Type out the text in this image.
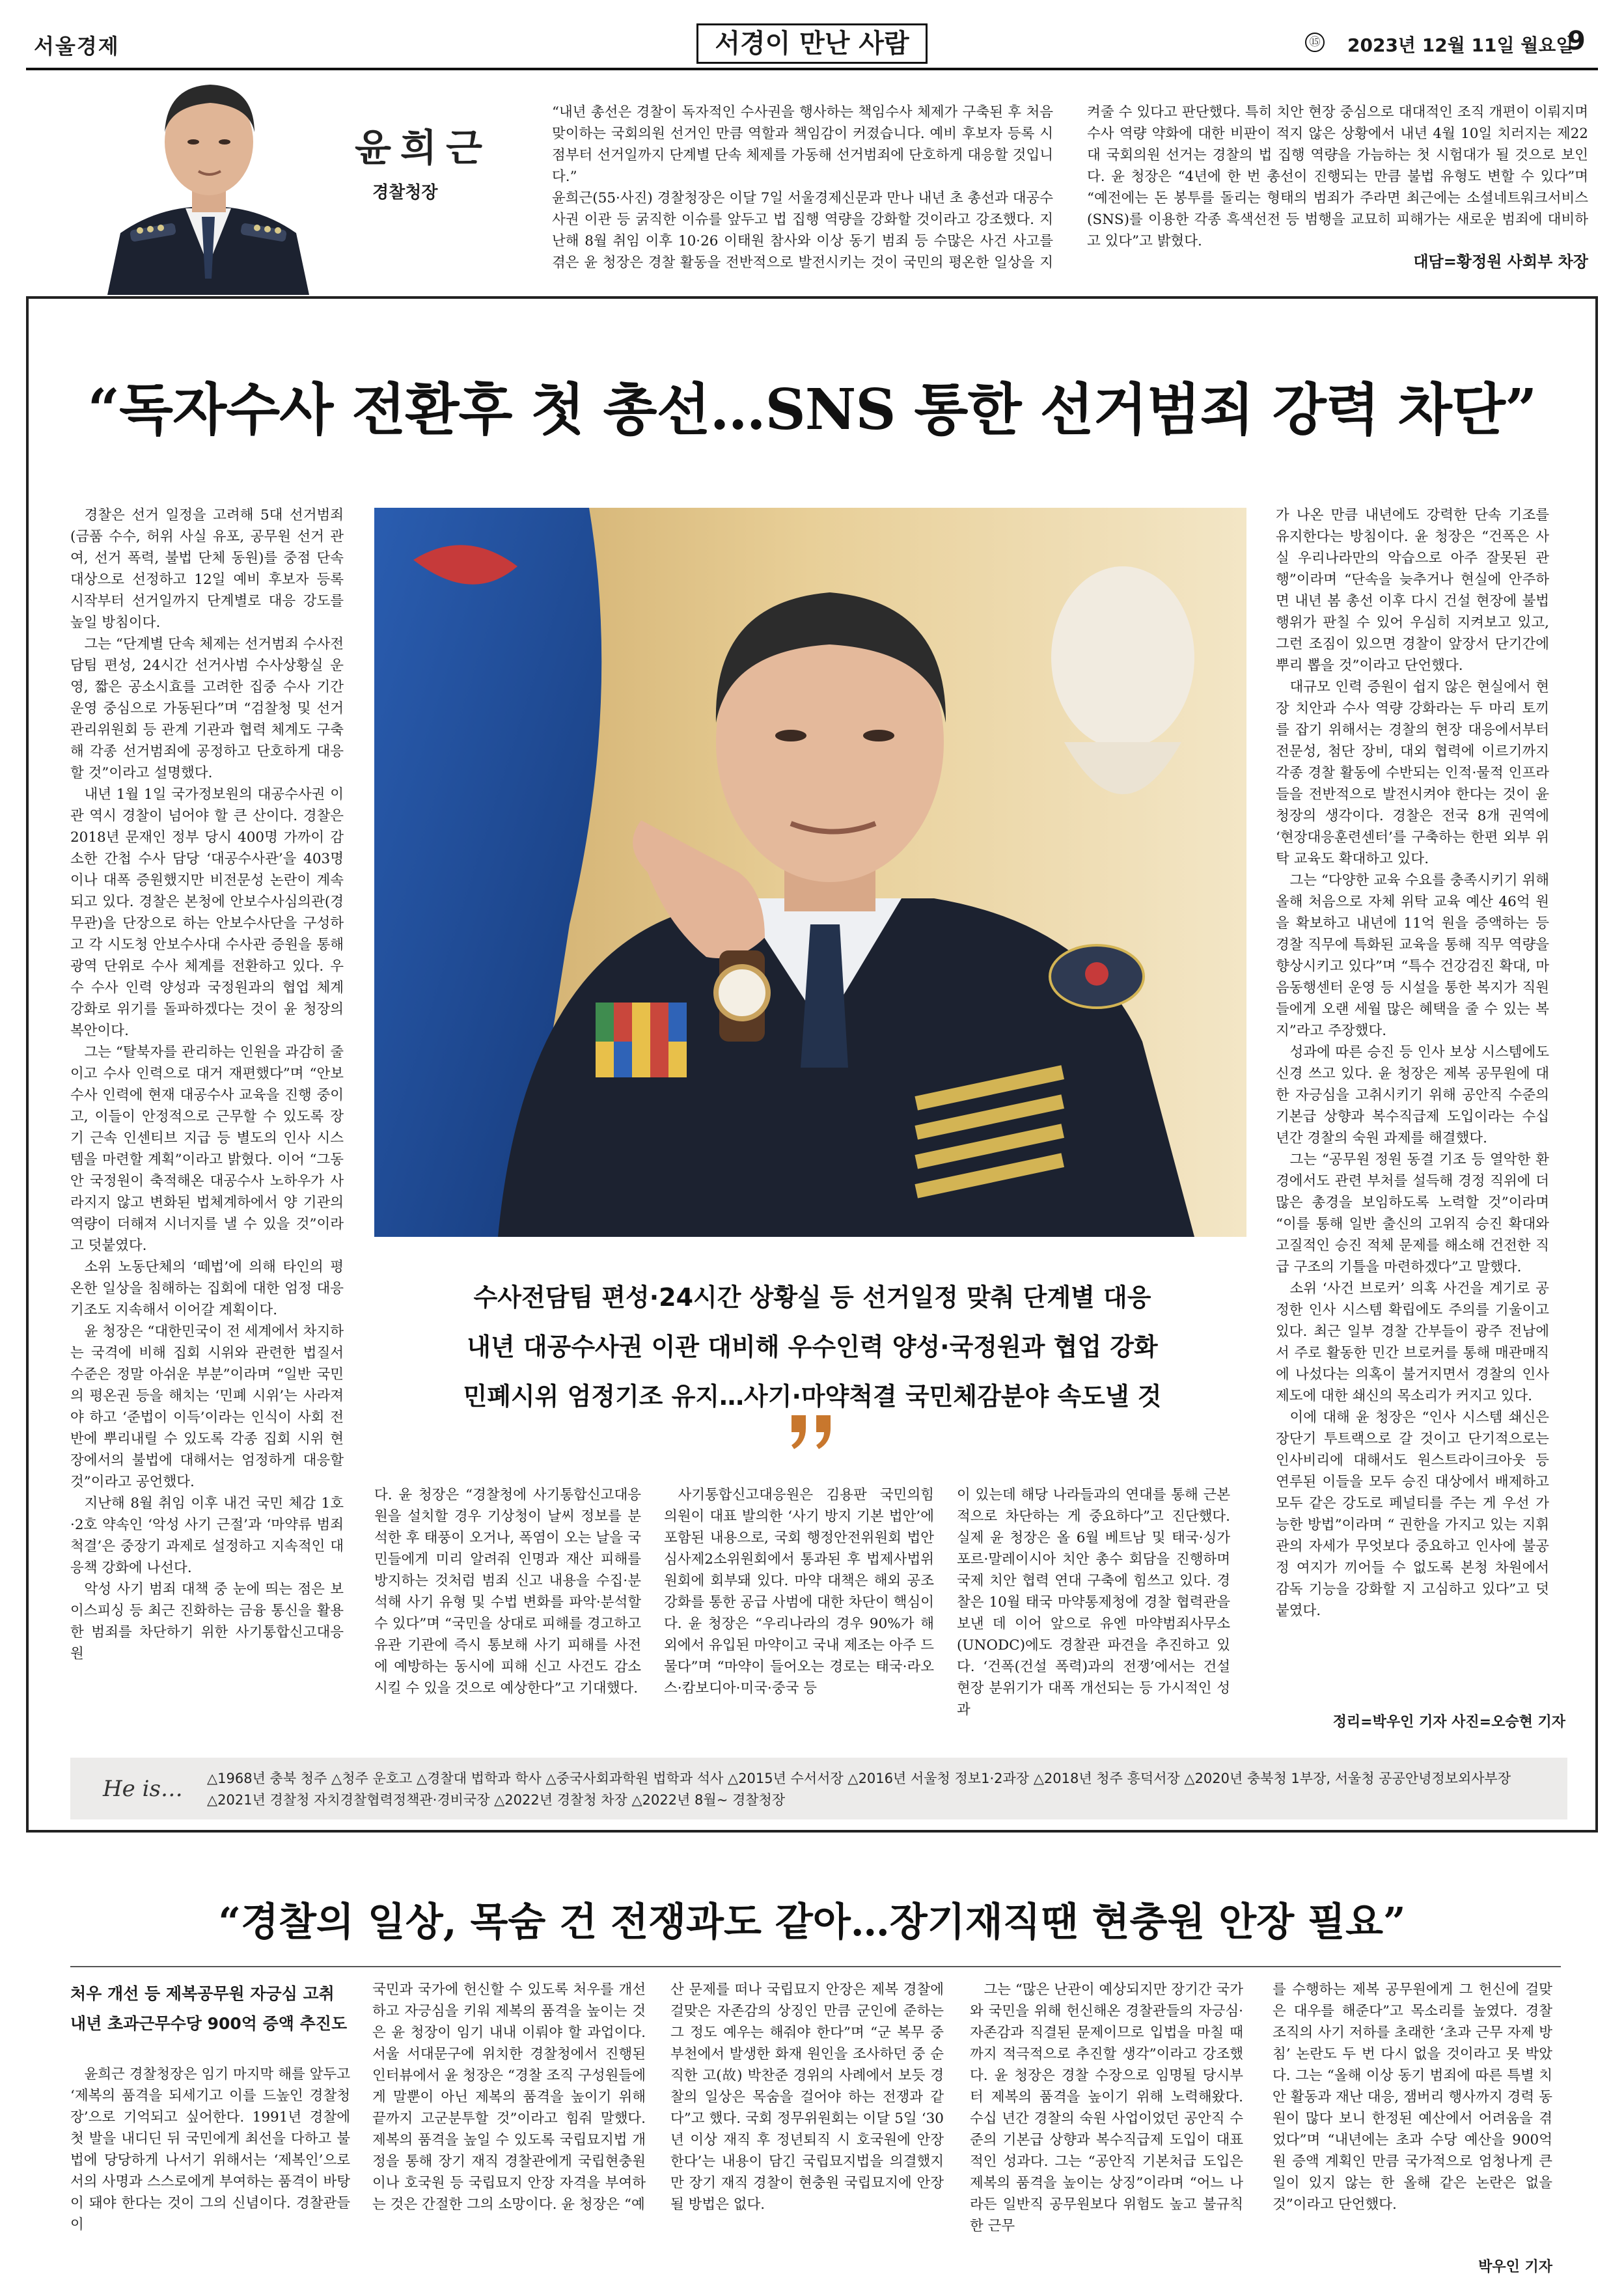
서울경제	서경이 만난 사람	⑮ 2023년 12월 11일 월요일
9
윤희근
경찰청장

“내년 총선은 경찰이 독자적인 수사권을 행사하는 책임수사 체제가 구축된 후 처음 맞이하는 국회의원 선거인 만큼 역할과 책임감이 커졌습니다. 예비 후보자 등록 시점부터 선거일까지 단계별 단속 체제를 가동해 선거범죄에 단호하게 대응할 것입니다.”

윤희근(55·사진) 경찰청장은 이달 7일 서울경제신문과 만나 내년 초 총선과 대공수사권 이관 등 굵직한 이슈를 앞두고 법 집행 역량을 강화할 것이라고 강조했다. 지난해 8월 취임 이후 10·26 이태원 참사와 이상 동기 범죄 등 수많은 사건 사고를 겪은 윤 청장은 경찰 활동을 전반적으로 발전시키는 것이 국민의 평온한 일상을 지켜줄 수 있다고 판단했다. 특히 치안 현장 중심으로 대대적인 조직 개편이 이뤄지며 수사 역량 약화에 대한 비판이 적지 않은 상황에서 내년 4월 10일 치러지는 제22대 국회의원 선거는 경찰의 법 집행 역량을 가늠하는 첫 시험대가 될 것으로 보인다. 윤 청장은 “4년에 한 번 총선이 진행되는 만큼 불법 유형도 변할 수 있다”며 “예전에는 돈 봉투를 돌리는 형태의 범죄가 주라면 최근에는 소셜네트워크서비스(SNS)를 이용한 각종 흑색선전 등 범행을 교묘히 피해가는 새로운 범죄에 대비하고 있다”고 밝혔다.

대담=황정원 사회부 차장
“독자수사 전환후 첫 총선…SNS 통한 선거범죄 강력 차단”

경찰은 선거 일정을 고려해 5대 선거범죄(금품 수수, 허위 사실 유포, 공무원 선거 관여, 선거 폭력, 불법 단체 동원)를 중점 단속 대상으로 선정하고 12일 예비 후보자 등록 시작부터 선거일까지 단계별로 대응 강도를 높일 방침이다.

그는 “단계별 단속 체제는 선거범죄 수사전담팀 편성, 24시간 선거사범 수사상황실 운영, 짧은 공소시효를 고려한 집중 수사 기간 운영 중심으로 가동된다”며 “검찰청 및 선거관리위원회 등 관계 기관과 협력 체계도 구축해 각종 선거범죄에 공정하고 단호하게 대응할 것”이라고 설명했다.

내년 1월 1일 국가정보원의 대공수사권 이관 역시 경찰이 넘어야 할 큰 산이다. 경찰은 2018년 문재인 정부 당시 400명 가까이 감소한 간첩 수사 담당 ‘대공수사관’을 403명이나 대폭 증원했지만 비전문성 논란이 계속되고 있다. 경찰은 본청에 안보수사심의관(경무관)을 단장으로 하는 안보수사단을 구성하고 각 시도청 안보수사대 수사관 증원을 통해 광역 단위로 수사 체계를 전환하고 있다. 우수 수사 인력 양성과 국정원과의 협업 체계 강화로 위기를 돌파하겠다는 것이 윤 청장의 복안이다.

그는 “탈북자를 관리하는 인원을 과감히 줄이고 수사 인력으로 대거 재편했다”며 “안보수사 인력에 현재 대공수사 교육을 진행 중이고, 이들이 안정적으로 근무할 수 있도록 장기 근속 인센티브 지급 등 별도의 인사 시스템을 마련할 계획”이라고 밝혔다. 이어 “그동안 국정원이 축적해온 대공수사 노하우가 사라지지 않고 변화된 법체계하에서 양 기관의 역량이 더해져 시너지를 낼 수 있을 것”이라고 덧붙였다.

소위 노동단체의 ‘떼법’에 의해 타인의 평온한 일상을 침해하는 집회에 대한 엄정 대응 기조도 지속해서 이어갈 계획이다.

윤 청장은 “대한민국이 전 세계에서 차지하는 국격에 비해 집회 시위와 관련한 법질서 수준은 정말 아쉬운 부분”이라며 “일반 국민의 평온권 등을 해치는 ‘민폐 시위’는 사라져야 하고 ‘준법이 이득’이라는 인식이 사회 전반에 뿌리내릴 수 있도록 각종 집회 시위 현장에서의 불법에 대해서는 엄정하게 대응할 것”이라고 공언했다.

지난해 8월 취임 이후 내건 국민 체감 1호·2호 약속인 ‘악성 사기 근절’과 ‘마약류 범죄 척결’은 중장기 과제로 설정하고 지속적인 대응책 강화에 나선다.

악성 사기 범죄 대책 중 눈에 띄는 점은 보이스피싱 등 최근 진화하는 금융 통신을 활용한 범죄를 차단하기 위한 사기통합신고대응원

가 나온 만큼 내년에도 강력한 단속 기조를 유지한다는 방침이다. 윤 청장은 “건폭은 사실 우리나라만의 악습으로 아주 잘못된 관행”이라며 “단속을 늦추거나 현실에 안주하면 내년 봄 총선 이후 다시 건설 현장에 불법행위가 판칠 수 있어 우심히 지켜보고 있고, 그런 조짐이 있으면 경찰이 앞장서 단기간에 뿌리 뽑을 것”이라고 단언했다.

대규모 인력 증원이 쉽지 않은 현실에서 현장 치안과 수사 역량 강화라는 두 마리 토끼를 잡기 위해서는 경찰의 현장 대응에서부터 전문성, 첨단 장비, 대외 협력에 이르기까지 각종 경찰 활동에 수반되는 인적·물적 인프라들을 전반적으로 발전시켜야 한다는 것이 윤 청장의 생각이다. 경찰은 전국 8개 권역에 ‘현장대응훈련센터’를 구축하는 한편 외부 위탁 교육도 확대하고 있다.

그는 “다양한 교육 수요를 충족시키기 위해 올해 처음으로 자체 위탁 교육 예산 46억 원을 확보하고 내년에 11억 원을 증액하는 등 경찰 직무에 특화된 교육을 통해 직무 역량을 향상시키고 있다”며 “특수 건강검진 확대, 마음동행센터 운영 등 시설을 통한 복지가 직원들에게 오랜 세월 많은 혜택을 줄 수 있는 복지”라고 주장했다.

성과에 따른 승진 등 인사 보상 시스템에도 신경 쓰고 있다. 윤 청장은 제복 공무원에 대한 자긍심을 고취시키기 위해 공안직 수준의 기본급 상향과 복수직급제 도입이라는 수십 년간 경찰의 숙원 과제를 해결했다.

그는 “공무원 정원 동결 기조 등 열악한 환경에서도 관련 부처를 설득해 경정 직위에 더 많은 총경을 보임하도록 노력할 것”이라며 “이를 통해 일반 출신의 고위직 승진 확대와 고질적인 승진 적체 문제를 해소해 건전한 직급 구조의 기틀을 마련하겠다”고 말했다.

소위 ‘사건 브로커’ 의혹 사건을 계기로 공정한 인사 시스템 확립에도 주의를 기울이고 있다. 최근 일부 경찰 간부들이 광주 전남에서 주로 활동한 민간 브로커를 통해 매관매직에 나섰다는 의혹이 불거지면서 경찰의 인사제도에 대한 쇄신의 목소리가 커지고 있다.

이에 대해 윤 청장은 “인사 시스템 쇄신은 장단기 투트랙으로 갈 것이고 단기적으로는 인사비리에 대해서도 원스트라이크아웃 등 연루된 이들을 모두 승진 대상에서 배제하고 모두 같은 강도로 페널티를 주는 게 우선 가능한 방법”이라며 “ 권한을 가지고 있는 지휘관의 자세가 무엇보다 중요하고 인사에 불공정 여지가 끼어들 수 없도록 본청 차원에서 감독 기능을 강화할 지 고심하고 있다”고 덧붙였다.

수사전담팀 편성·24시간 상황실 등 선거일정 맞춰 단계별 대응
내년 대공수사권 이관 대비해 우수인력 양성·국정원과 협업 강화
민폐시위 엄정기조 유지…사기·마약척결 국민체감분야 속도낼 것

다. 윤 청장은 “경찰청에 사기통합신고대응원을 설치할 경우 기상청이 날씨 정보를 분석한 후 태풍이 오거나, 폭염이 오는 날을 국민들에게 미리 알려줘 인명과 재산 피해를 방지하는 것처럼 범죄 신고 내용을 수집·분석해 사기 유형 및 수법 변화를 파악·분석할 수 있다”며 “국민을 상대로 피해를 경고하고 유관 기관에 즉시 통보해 사기 피해를 사전에 예방하는 동시에 피해 신고 사건도 감소시킬 수 있을 것으로 예상한다”고 기대했다.

사기통합신고대응원은 김용판 국민의힘 의원이 대표 발의한 ‘사기 방지 기본 법안’에 포함된 내용으로, 국회 행정안전위원회 법안심사제2소위원회에서 통과된 후 법제사법위원회에 회부돼 있다. 마약 대책은 해외 공조 강화를 통한 공급 사범에 대한 차단이 핵심이다. 윤 청장은 “우리나라의 경우 90%가 해외에서 유입된 마약이고 국내 제조는 아주 드물다”며 “마약이 들어오는 경로는 태국·라오스·캄보디아·미국·중국 등

이 있는데 해당 나라들과의 연대를 통해 근본적으로 차단하는 게 중요하다”고 진단했다. 실제 윤 청장은 올 6월 베트남 및 태국·싱가포르·말레이시아 치안 총수 회담을 진행하며 국제 치안 협력 연대 구축에 힘쓰고 있다. 경찰은 10월 태국 마약통제청에 경찰 협력관을 보낸 데 이어 앞으로 유엔 마약범죄사무소(UNODC)에도 경찰관 파견을 추진하고 있다. ‘건폭(건설 폭력)과의 전쟁’에서는 건설 현장 분위기가 대폭 개선되는 등 가시적인 성과

정리=박우인 기자 사진=오승현 기자
He is… △1968년 충북 청주 △청주 운호고 △경찰대 법학과 학사 △중국사회과학원 법학과 석사 △2015년 수서서장 △2016년 서울청 정보1·2과장 △2018년 청주 흥덕서장 △2020년 충북청 1부장, 서울청 공공안녕정보외사부장 △2021년 경찰청 자치경찰협력정책관·경비국장 △2022년 경찰청 차장 △2022년 8월~ 경찰청장
“경찰의 일상, 목숨 건 전쟁과도 같아…장기재직땐 현충원 안장 필요”
처우 개선 등 제복공무원 자긍심 고취
내년 초과근무수당 900억 증액 추진도

윤희근 경찰청장은 임기 마지막 해를 앞두고 ‘제복의 품격을 되세기고 이를 드높인 경찰청장’으로 기억되고 싶어한다. 1991년 경찰에 첫 발을 내디딘 뒤 국민에게 최선을 다하고 불법에 당당하게 나서기 위해서는 ‘제복인’으로서의 사명과 스스로에게 부여하는 품격이 바탕이 돼야 한다는 것이 그의 신념이다. 경찰관들이

국민과 국가에 헌신할 수 있도록 처우를 개선하고 자긍심을 키워 제복의 품격을 높이는 것은 윤 청장이 임기 내내 이뤄야 할 과업이다. 서울 서대문구에 위치한 경찰청에서 진행된 인터뷰에서 윤 청장은 “경찰 조직 구성원들에게 말뿐이 아닌 제복의 품격을 높이기 위해 끝까지 고군분투할 것”이라고 힘줘 말했다. 제복의 품격을 높일 수 있도록 국립묘지법 개정을 통해 장기 재직 경찰관에게 국립현충원이나 호국원 등 국립묘지 안장 자격을 부여하는 것은 간절한 그의 소망이다. 윤 청장은 “예

산 문제를 떠나 국립묘지 안장은 제복 경찰에 걸맞은 자존감의 상징인 만큼 군인에 준하는 그 정도 예우는 해줘야 한다”며 “군 복무 중 부천에서 발생한 화재 원인을 조사하던 중 순직한 고(故) 박찬준 경위의 사례에서 보듯 경찰의 일상은 목숨을 걸어야 하는 전쟁과 같다”고 했다. 국회 정무위원회는 이달 5일 ‘30년 이상 재직 후 정년퇴직 시 호국원에 안장한다’는 내용이 담긴 국립묘지법을 의결했지만 장기 재직 경찰이 현충원 국립묘지에 안장될 방법은 없다.

그는 “많은 난관이 예상되지만 장기간 국가와 국민을 위해 헌신해온 경찰관들의 자긍심·자존감과 직결된 문제이므로 입법을 마칠 때까지 적극적으로 추진할 생각”이라고 강조했다. 윤 청장은 경찰 수장으로 임명될 당시부터 제복의 품격을 높이기 위해 노력해왔다. 수십 년간 경찰의 숙원 사업이었던 공안직 수준의 기본급 상향과 복수직급제 도입이 대표적인 성과다. 그는 “공안직 기본처급 도입은 제복의 품격을 높이는 상징”이라며 “어느 나라든 일반직 공무원보다 위험도 높고 불규칙한 근무

를 수행하는 제복 공무원에게 그 헌신에 걸맞은 대우를 해준다”고 목소리를 높였다. 경찰 조직의 사기 저하를 초래한 ‘초과 근무 자제 방침’ 논란도 두 번 다시 없을 것이라고 못 박았다. 그는 “올해 이상 동기 범죄에 따른 특별 치안 활동과 재난 대응, 잼버리 행사까지 경력 동원이 많다 보니 한정된 예산에서 어려움을 겪었다”며 “내년에는 초과 수당 예산을 900억 원 증액 계획인 만큼 국가적으로 엄청나게 큰일이 있지 않는 한 올해 같은 논란은 없을 것”이라고 단언했다.

박우인 기자
